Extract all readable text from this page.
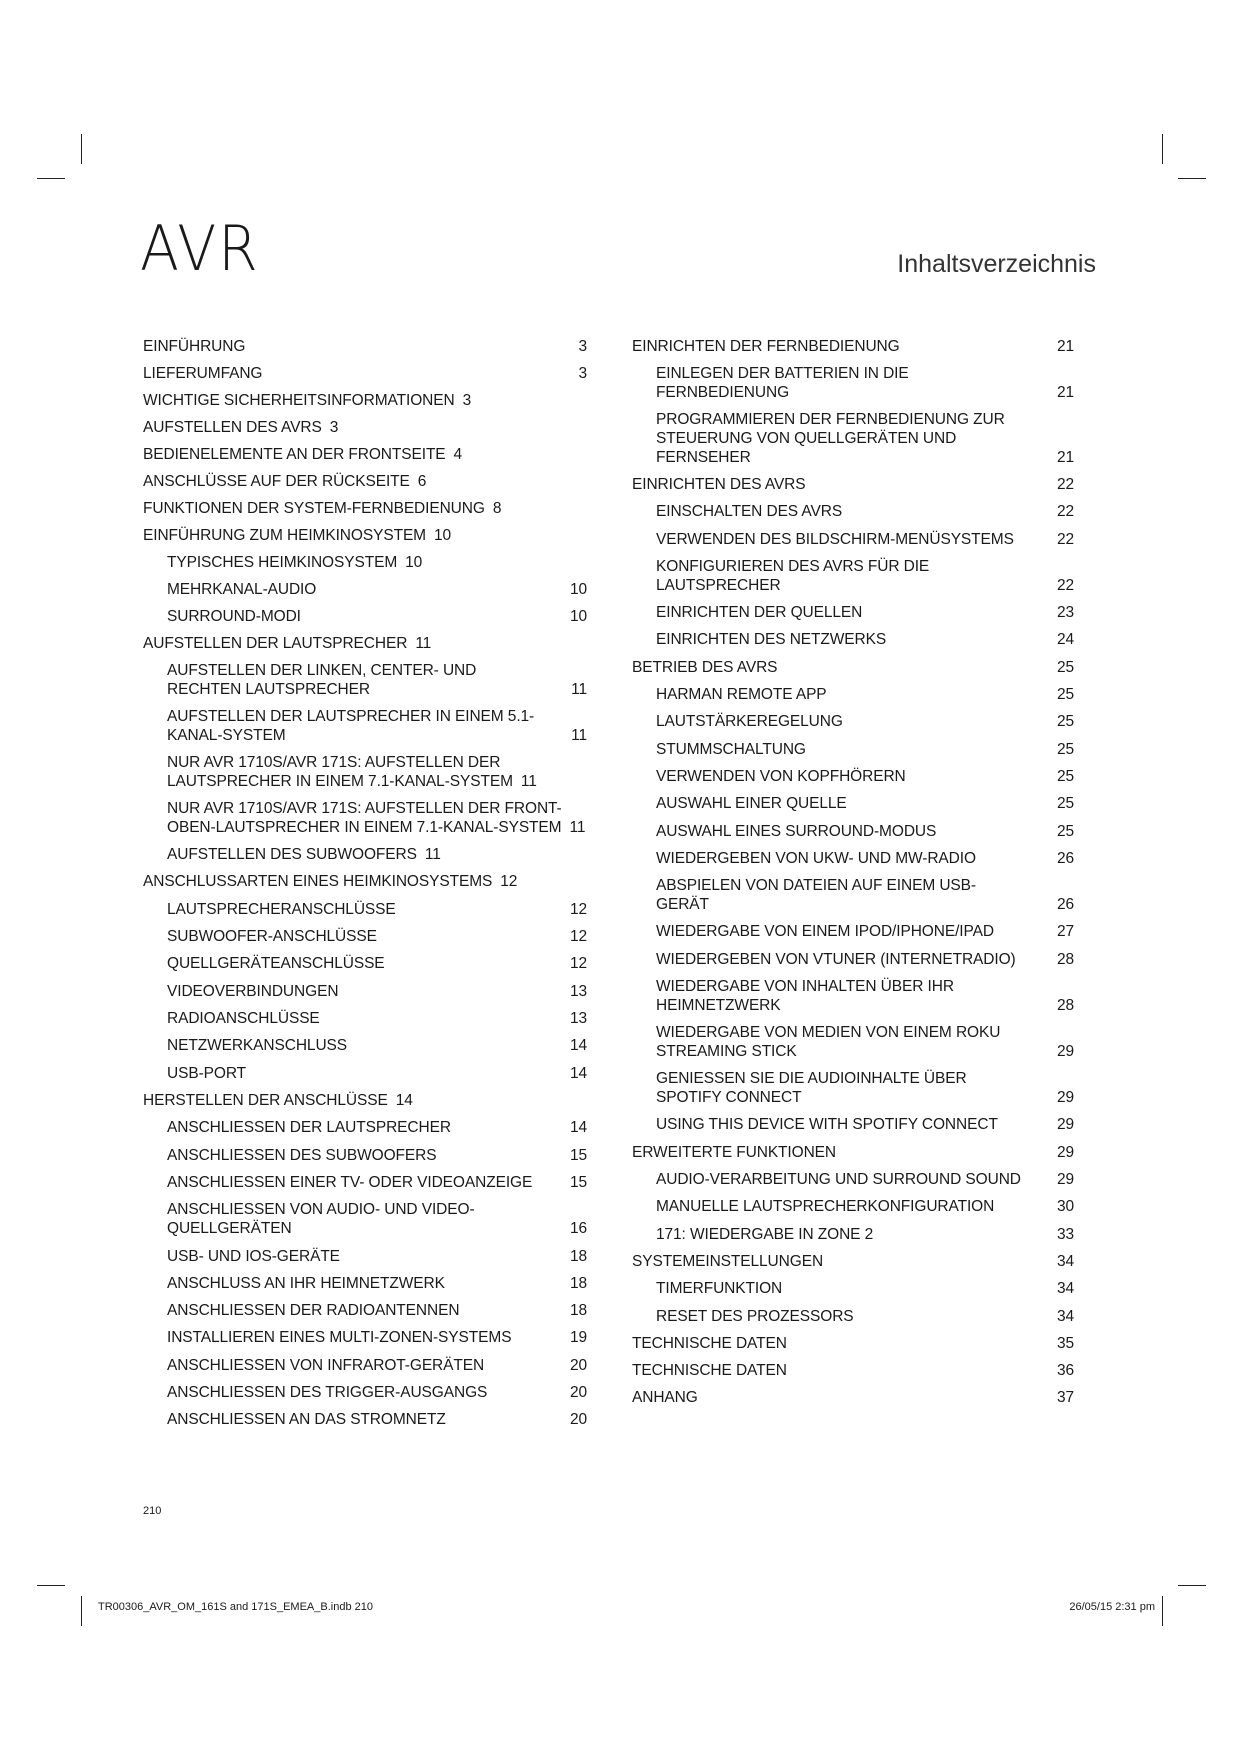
AVR	Inhaltsverzeichnis
EINFÜHRUNG	3
LIEFERUMFANG	3
WICHTIGE SICHERHEITSINFORMATIONEN 3
AUFSTELLEN DES AVRS 3
BEDIENELEMENTE AN DER FRONTSEITE 4
ANSCHLÜSSE AUF DER RÜCKSEITE 6
FUNKTIONEN DER SYSTEM-FERNBEDIENUNG 8
EINFÜHRUNG ZUM HEIMKINOSYSTEM 10
TYPISCHES HEIMKINOSYSTEM 10
MEHRKANAL-AUDIO	10
SURROUND-MODI	10
AUFSTELLEN DER LAUTSPRECHER 11
AUFSTELLEN DER LINKEN, CENTER- UND RECHTEN LAUTSPRECHER	11
AUFSTELLEN DER LAUTSPRECHER IN EINEM 5.1-KANAL-SYSTEM	11
NUR AVR 1710S/AVR 171S: AUFSTELLEN DER LAUTSPRECHER IN EINEM 7.1-KANAL-SYSTEM 11
NUR AVR 1710S/AVR 171S: AUFSTELLEN DER FRONT-OBEN-LAUTSPRECHER IN EINEM 7.1-KANAL-SYSTEM 11
AUFSTELLEN DES SUBWOOFERS 11
ANSCHLUSSARTEN EINES HEIMKINOSYSTEMS 12
LAUTSPRECHERANSCHLÜSSE	12
SUBWOOFER-ANSCHLÜSSE	12
QUELLGERÄTEANSCHLÜSSE	12
VIDEOVERBINDUNGEN	13
RADIOANSCHLÜSSE	13
NETZWERKANSCHLUSS	14
USB-PORT	14
HERSTELLEN DER ANSCHLÜSSE 14
ANSCHLIESSEN DER LAUTSPRECHER	14
ANSCHLIESSEN DES SUBWOOFERS	15
ANSCHLIESSEN EINER TV- ODER VIDEOANZEIGE	15
ANSCHLIESSEN VON AUDIO- UND VIDEO-QUELLGERÄTEN	16
USB- UND IOS-GERÄTE	18
ANSCHLUSS AN IHR HEIMNETZWERK	18
ANSCHLIESSEN DER RADIOANTENNEN	18
INSTALLIEREN EINES MULTI-ZONEN-SYSTEMS	19
ANSCHLIESSEN VON INFRAROT-GERÄTEN	20
ANSCHLIESSEN DES TRIGGER-AUSGANGS	20
ANSCHLIESSEN AN DAS STROMNETZ	20
EINRICHTEN DER FERNBEDIENUNG	21
EINLEGEN DER BATTERIEN IN DIE FERNBEDIENUNG	21
PROGRAMMIEREN DER FERNBEDIENUNG ZUR STEUERUNG VON QUELLGERÄTEN UND FERNSEHER	21
EINRICHTEN DES AVRS	22
EINSCHALTEN DES AVRS	22
VERWENDEN DES BILDSCHIRM-MENÜSYSTEMS	22
KONFIGURIEREN DES AVRS FÜR DIE LAUTSPRECHER	22
EINRICHTEN DER QUELLEN	23
EINRICHTEN DES NETZWERKS	24
BETRIEB DES AVRS	25
HARMAN REMOTE APP	25
LAUTSTÄRKEREGELUNG	25
STUMMSCHALTUNG	25
VERWENDEN VON KOPFHÖRERN	25
AUSWAHL EINER QUELLE	25
AUSWAHL EINES SURROUND-MODUS	25
WIEDERGEBEN VON UKW- UND MW-RADIO	26
ABSPIELEN VON DATEIEN AUF EINEM USB-GERÄT	26
WIEDERGABE VON EINEM IPOD/IPHONE/IPAD	27
WIEDERGEBEN VON VTUNER (INTERNETRADIO)	28
WIEDERGABE VON INHALTEN ÜBER IHR HEIMNETZWERK	28
WIEDERGABE VON MEDIEN VON EINEM ROKU STREAMING STICK	29
GENIESSEN SIE DIE AUDIOINHALTE ÜBER SPOTIFY CONNECT	29
USING THIS DEVICE WITH SPOTIFY CONNECT	29
ERWEITERTE FUNKTIONEN	29
AUDIO-VERARBEITUNG UND SURROUND SOUND	29
MANUELLE LAUTSPRECHERKONFIGURATION	30
171: WIEDERGABE IN ZONE 2	33
SYSTEMEINSTELLUNGEN	34
TIMERFUNKTION	34
RESET DES PROZESSORS	34
TECHNISCHE DATEN	35
TECHNISCHE DATEN	36
ANHANG	37
210
TR00306_AVR_OM_161S and 171S_EMEA_B.indb 210	26/05/15 2:31 pm
